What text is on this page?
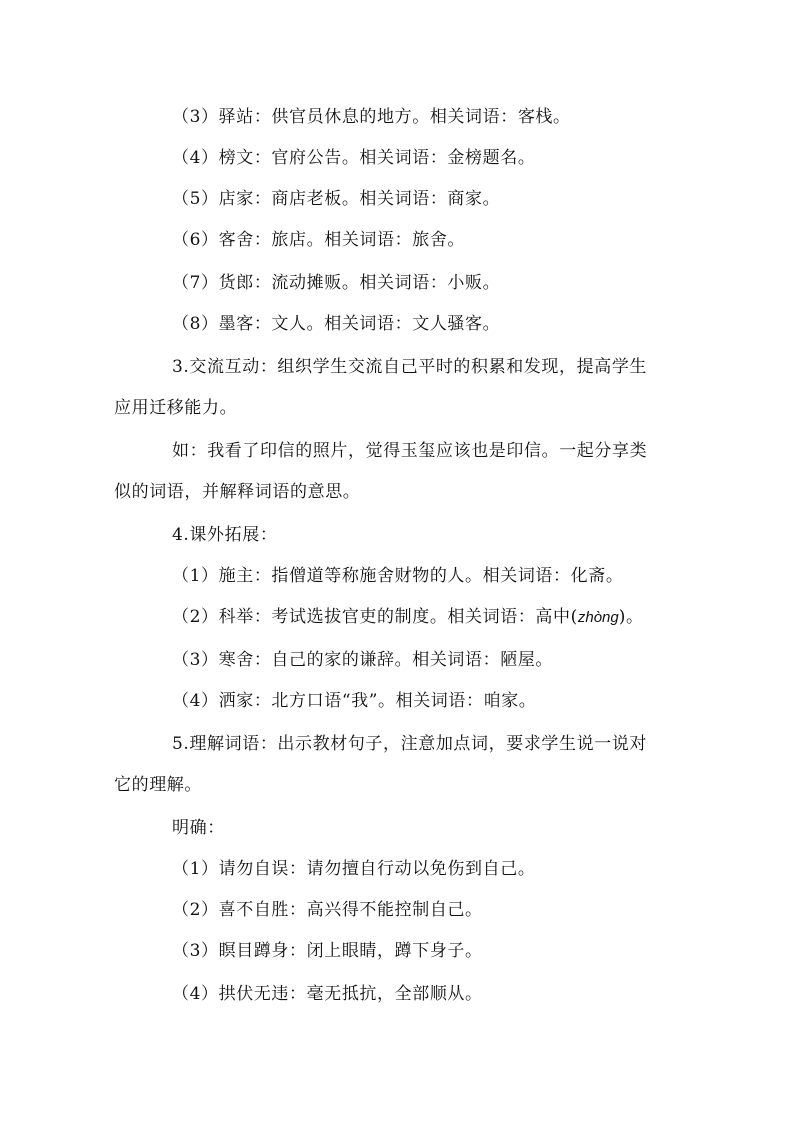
（3）驿站：供官员休息的地方。相关词语：客栈。
（4）榜文：官府公告。相关词语：金榜题名。
（5）店家：商店老板。相关词语：商家。
（6）客舍：旅店。相关词语：旅舍。
（7）货郎：流动摊贩。相关词语：小贩。
（8）墨客：文人。相关词语：文人骚客。
3.交流互动：组织学生交流自己平时的积累和发现，提高学生
应用迁移能力。
如：我看了印信的照片，觉得玉玺应该也是印信。一起分享类
似的词语，并解释词语的意思。
4.课外拓展：
（1）施主：指僧道等称施舍财物的人。相关词语：化斋。
（2）科举：考试选拔官吏的制度。相关词语：高中(zhòng)。
（3）寒舍：自己的家的谦辞。相关词语：陋屋。
（4）洒家：北方口语“我”。相关词语：咱家。
5.理解词语：出示教材句子，注意加点词，要求学生说一说对
它的理解。
明确：
（1）请勿自误：请勿擅自行动以免伤到自己。
（2）喜不自胜：高兴得不能控制自己。
（3）瞑目蹲身：闭上眼睛，蹲下身子。
（4）拱伏无违：毫无抵抗，全部顺从。
